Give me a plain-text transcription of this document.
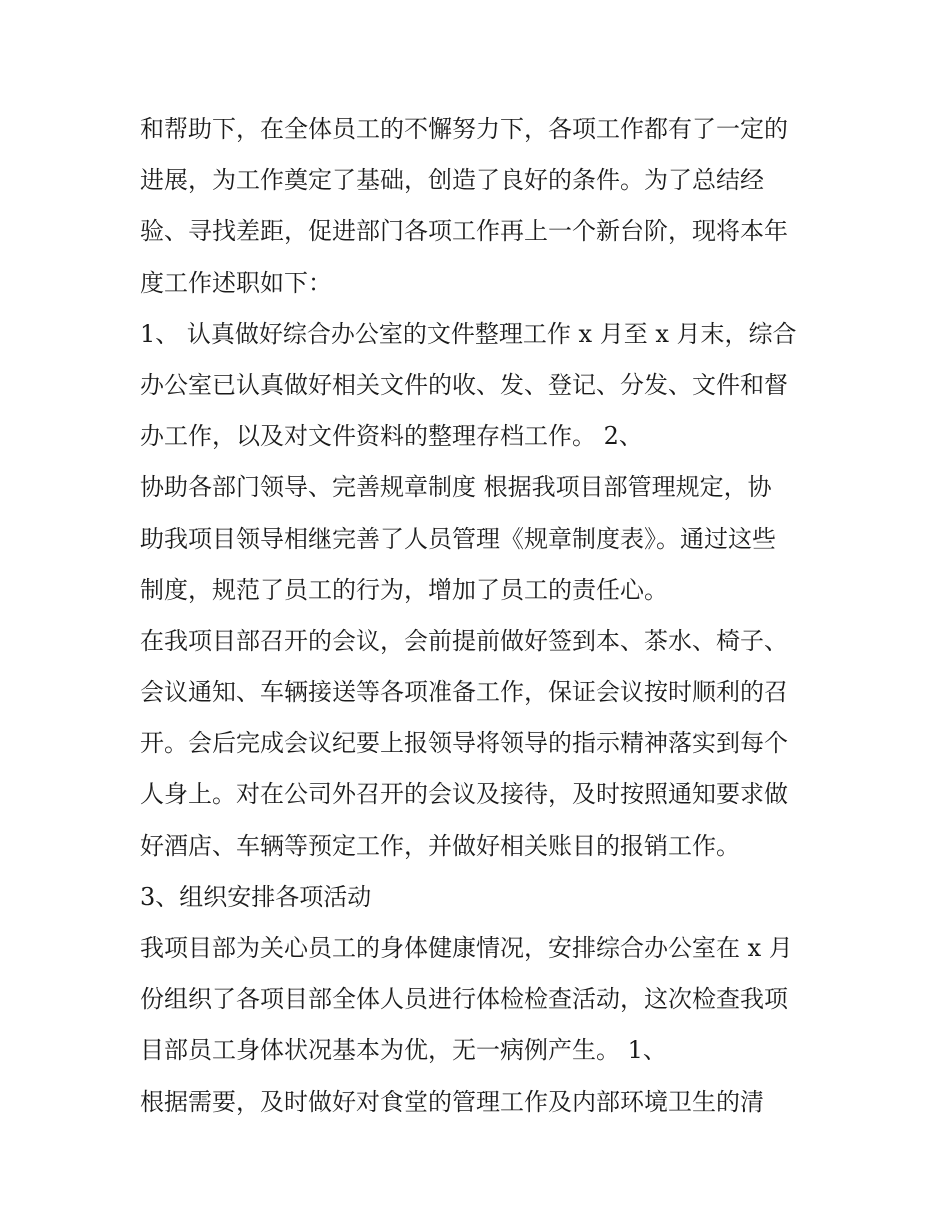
和帮助下，在全体员工的不懈努力下，各项工作都有了一定的
进展，为工作奠定了基础，创造了良好的条件。为了总结经
验、寻找差距，促进部门各项工作再上一个新台阶，现将本年
度工作述职如下：
1、 认真做好综合办公室的文件整理工作 x 月至 x 月末，综合
办公室已认真做好相关文件的收、发、登记、分发、文件和督
办工作，以及对文件资料的整理存档工作。 2、
协助各部门领导、完善规章制度 根据我项目部管理规定，协
助我项目领导相继完善了人员管理《规章制度表》。通过这些
制度，规范了员工的行为，增加了员工的责任心。
在我项目部召开的会议，会前提前做好签到本、茶水、椅子、
会议通知、车辆接送等各项准备工作，保证会议按时顺利的召
开。会后完成会议纪要上报领导将领导的指示精神落实到每个
人身上。对在公司外召开的会议及接待，及时按照通知要求做
好酒店、车辆等预定工作，并做好相关账目的报销工作。
3、组织安排各项活动
我项目部为关心员工的身体健康情况，安排综合办公室在 x 月
份组织了各项目部全体人员进行体检检查活动，这次检查我项
目部员工身体状况基本为优，无一病例产生。 1、
根据需要，及时做好对食堂的管理工作及内部环境卫生的清
